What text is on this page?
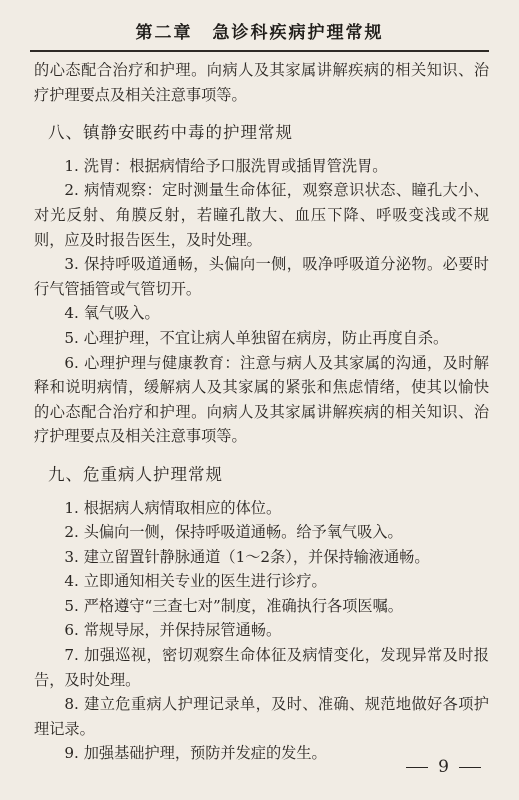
第二章 急诊科疾病护理常规

的心态配合治疗和护理。向病人及其家属讲解疾病的相关知识、治疗护理要点及相关注意事项等。

八、镇静安眠药中毒的护理常规

1. 洗胃：根据病情给予口服洗胃或插胃管洗胃。

2. 病情观察：定时测量生命体征，观察意识状态、瞳孔大小、对光反射、角膜反射，若瞳孔散大、血压下降、呼吸变浅或不规则，应及时报告医生，及时处理。

3. 保持呼吸道通畅，头偏向一侧，吸净呼吸道分泌物。必要时行气管插管或气管切开。

4. 氧气吸入。

5. 心理护理，不宜让病人单独留在病房，防止再度自杀。

6. 心理护理与健康教育：注意与病人及其家属的沟通，及时解释和说明病情，缓解病人及其家属的紧张和焦虑情绪，使其以愉快的心态配合治疗和护理。向病人及其家属讲解疾病的相关知识、治疗护理要点及相关注意事项等。

九、危重病人护理常规

1. 根据病人病情取相应的体位。

2. 头偏向一侧，保持呼吸道通畅。给予氧气吸入。

3. 建立留置针静脉通道（1～2条），并保持输液通畅。

4. 立即通知相关专业的医生进行诊疗。

5. 严格遵守“三查七对”制度，准确执行各项医嘱。

6. 常规导尿，并保持尿管通畅。

7. 加强巡视，密切观察生命体征及病情变化，发现异常及时报告，及时处理。

8. 建立危重病人护理记录单，及时、准确、规范地做好各项护理记录。

9. 加强基础护理，预防并发症的发生。

9
